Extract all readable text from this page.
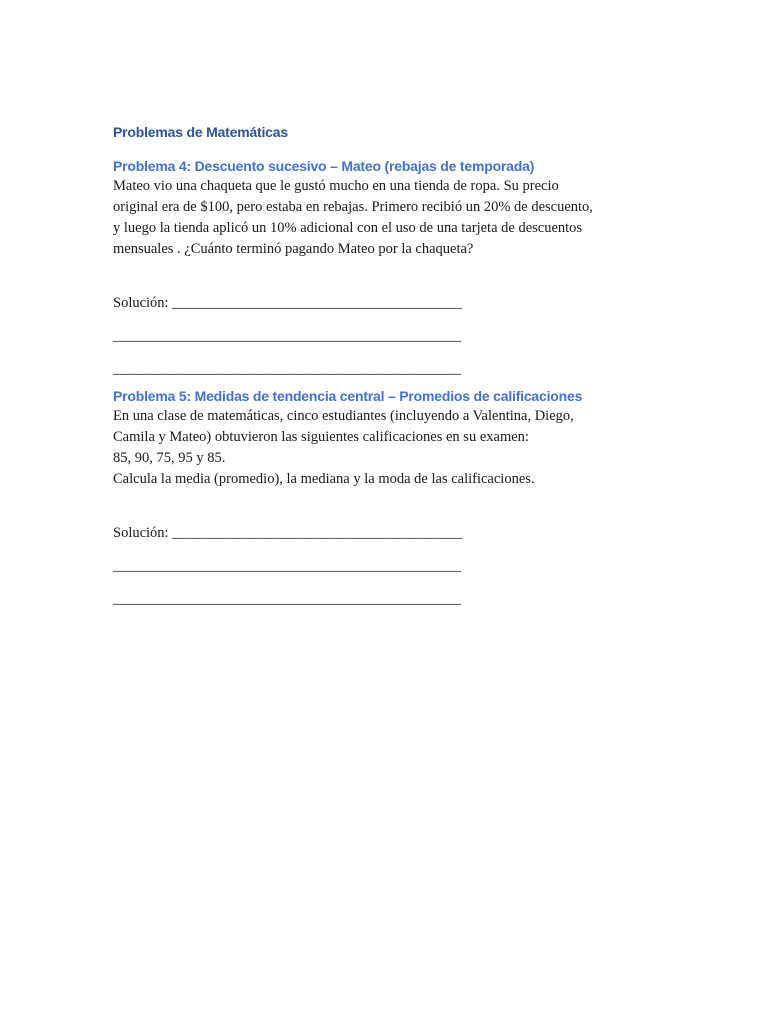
Problemas de Matemáticas
Problema 4: Descuento sucesivo – Mateo (rebajas de temporada)

Mateo vio una chaqueta que le gustó mucho en una tienda de ropa. Su precio
original era de $100, pero estaba en rebajas. Primero recibió un 20% de descuento,
y luego la tienda aplicó un 10% adicional con el uso de una tarjeta de descuentos
mensuales . ¿Cuánto terminó pagando Mateo por la chaqueta?

Solución: ________________________________________

________________________________________________

________________________________________________

Problema 5: Medidas de tendencia central – Promedios de calificaciones

En una clase de matemáticas, cinco estudiantes (incluyendo a Valentina, Diego,
Camila y Mateo) obtuvieron las siguientes calificaciones en su examen:
85, 90, 75, 95 y 85.
Calcula la media (promedio), la mediana y la moda de las calificaciones.

Solución: ________________________________________

________________________________________________

________________________________________________
